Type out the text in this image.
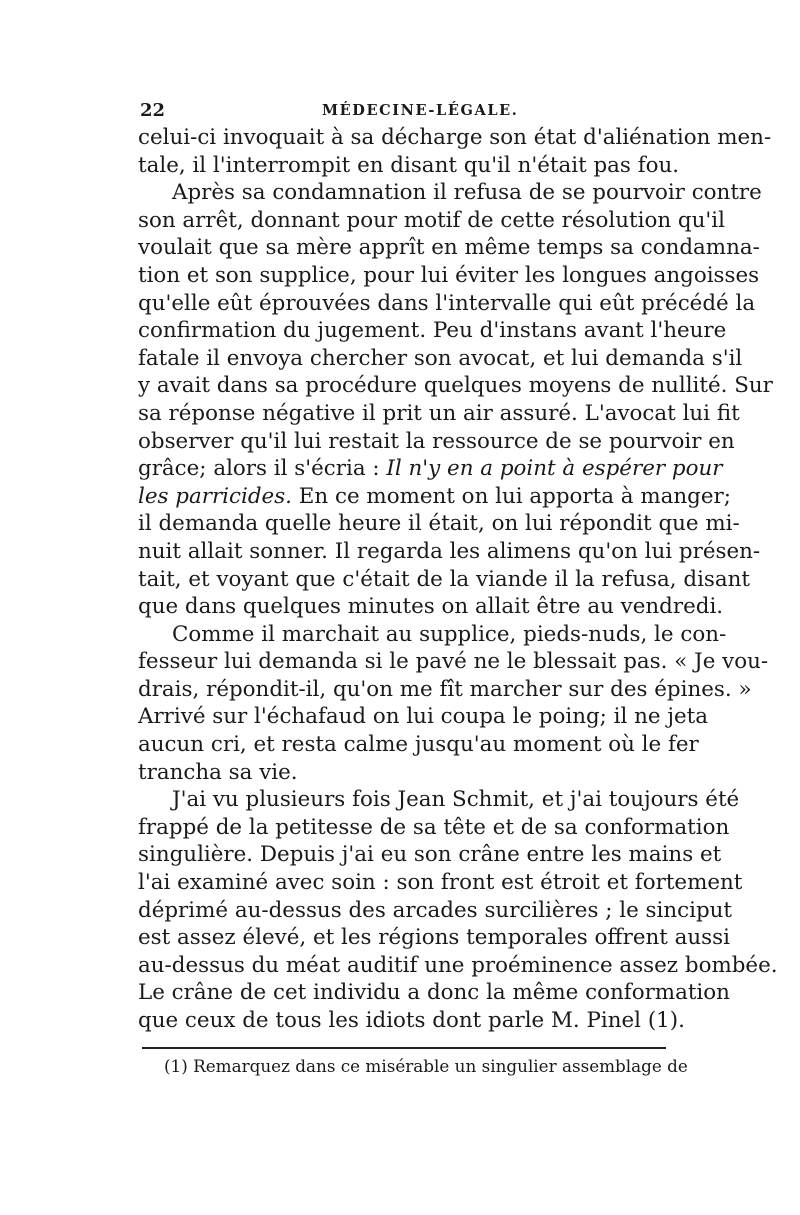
22	MÉDECINE-LÉGALE.
celui-ci invoquait à sa décharge son état d'aliénation men-
tale, il l'interrompit en disant qu'il n'était pas fou.
Après sa condamnation il refusa de se pourvoir contre
son arrêt, donnant pour motif de cette résolution qu'il
voulait que sa mère apprît en même temps sa condamna-
tion et son supplice, pour lui éviter les longues angoisses
qu'elle eût éprouvées dans l'intervalle qui eût précédé la
confirmation du jugement. Peu d'instans avant l'heure
fatale il envoya chercher son avocat, et lui demanda s'il
y avait dans sa procédure quelques moyens de nullité. Sur
sa réponse négative il prit un air assuré. L'avocat lui fit
observer qu'il lui restait la ressource de se pourvoir en
grâce; alors il s'écria : Il n'y en a point à espérer pour
les parricides. En ce moment on lui apporta à manger;
il demanda quelle heure il était, on lui répondit que mi-
nuit allait sonner. Il regarda les alimens qu'on lui présen-
tait, et voyant que c'était de la viande il la refusa, disant
que dans quelques minutes on allait être au vendredi.
Comme il marchait au supplice, pieds-nuds, le con-
fesseur lui demanda si le pavé ne le blessait pas. « Je vou-
drais, répondit-il, qu'on me fît marcher sur des épines. »
Arrivé sur l'échafaud on lui coupa le poing; il ne jeta
aucun cri, et resta calme jusqu'au moment où le fer
trancha sa vie.
J'ai vu plusieurs fois Jean Schmit, et j'ai toujours été
frappé de la petitesse de sa tête et de sa conformation
singulière. Depuis j'ai eu son crâne entre les mains et
l'ai examiné avec soin : son front est étroit et fortement
déprimé au-dessus des arcades surcilières ; le sinciput
est assez élevé, et les régions temporales offrent aussi
au-dessus du méat auditif une proéminence assez bombée.
Le crâne de cet individu a donc la même conformation
que ceux de tous les idiots dont parle M. Pinel (1).
(1) Remarquez dans ce misérable un singulier assemblage de
